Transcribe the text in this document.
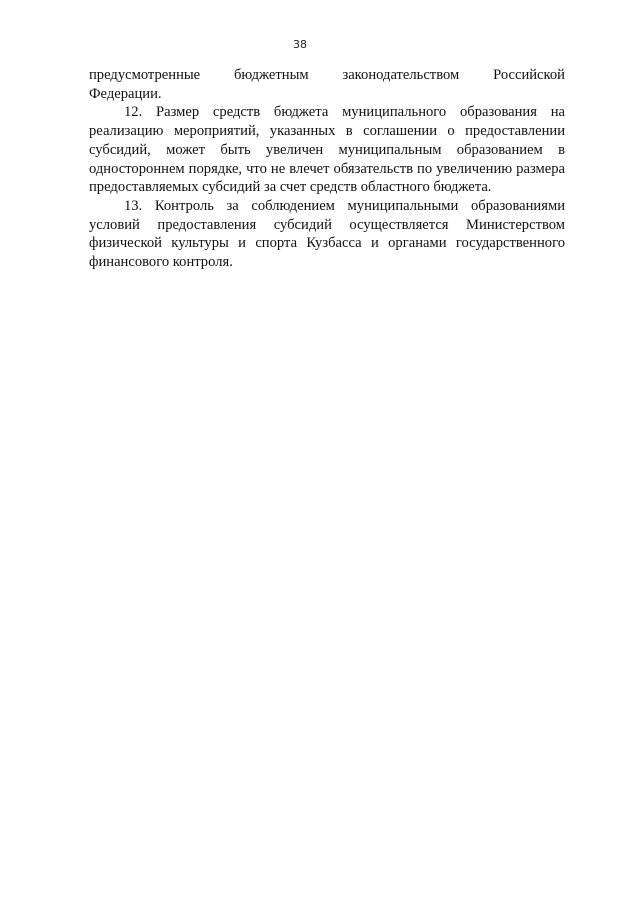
38

предусмотренные бюджетным законодательством Российской
Федерации.

12. Размер средств бюджета муниципального образования на реализацию мероприятий, указанных в соглашении о предоставлении субсидий, может быть увеличен муниципальным образованием в одностороннем порядке, что не влечет обязательств по увеличению размера предоставляемых субсидий за счет средств областного бюджета.

13. Контроль за соблюдением муниципальными образованиями условий предоставления субсидий осуществляется Министерством физической культуры и спорта Кузбасса и органами государственного финансового контроля.
